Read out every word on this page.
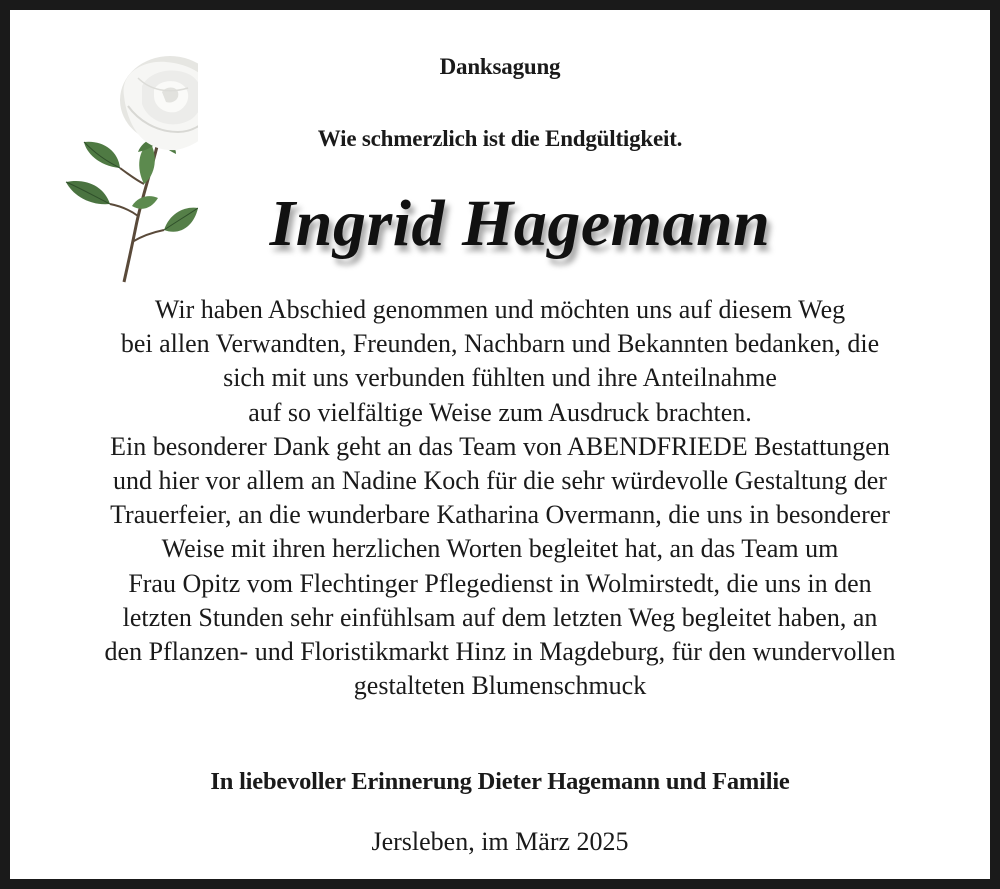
Danksagung
Wie schmerzlich ist die Endgültigkeit.
Ingrid Hagemann
Wir haben Abschied genommen und möchten uns auf diesem Weg
bei allen Verwandten, Freunden, Nachbarn und Bekannten bedanken, die
sich mit uns verbunden fühlten und ihre Anteilnahme
auf so vielfältige Weise zum Ausdruck brachten.
Ein besonderer Dank geht an das Team von ABENDFRIEDE Bestattungen
und hier vor allem an Nadine Koch für die sehr würdevolle Gestaltung der
Trauerfeier, an die wunderbare Katharina Overmann, die uns in besonderer
Weise mit ihren herzlichen Worten begleitet hat, an das Team um
Frau Opitz vom Flechtinger Pflegedienst in Wolmirstedt, die uns in den
letzten Stunden sehr einfühlsam auf dem letzten Weg begleitet haben, an
den Pflanzen- und Floristikmarkt Hinz in Magdeburg, für den wundervollen
gestalteten Blumenschmuck
In liebevoller Erinnerung Dieter Hagemann und Familie
Jersleben, im März 2025
